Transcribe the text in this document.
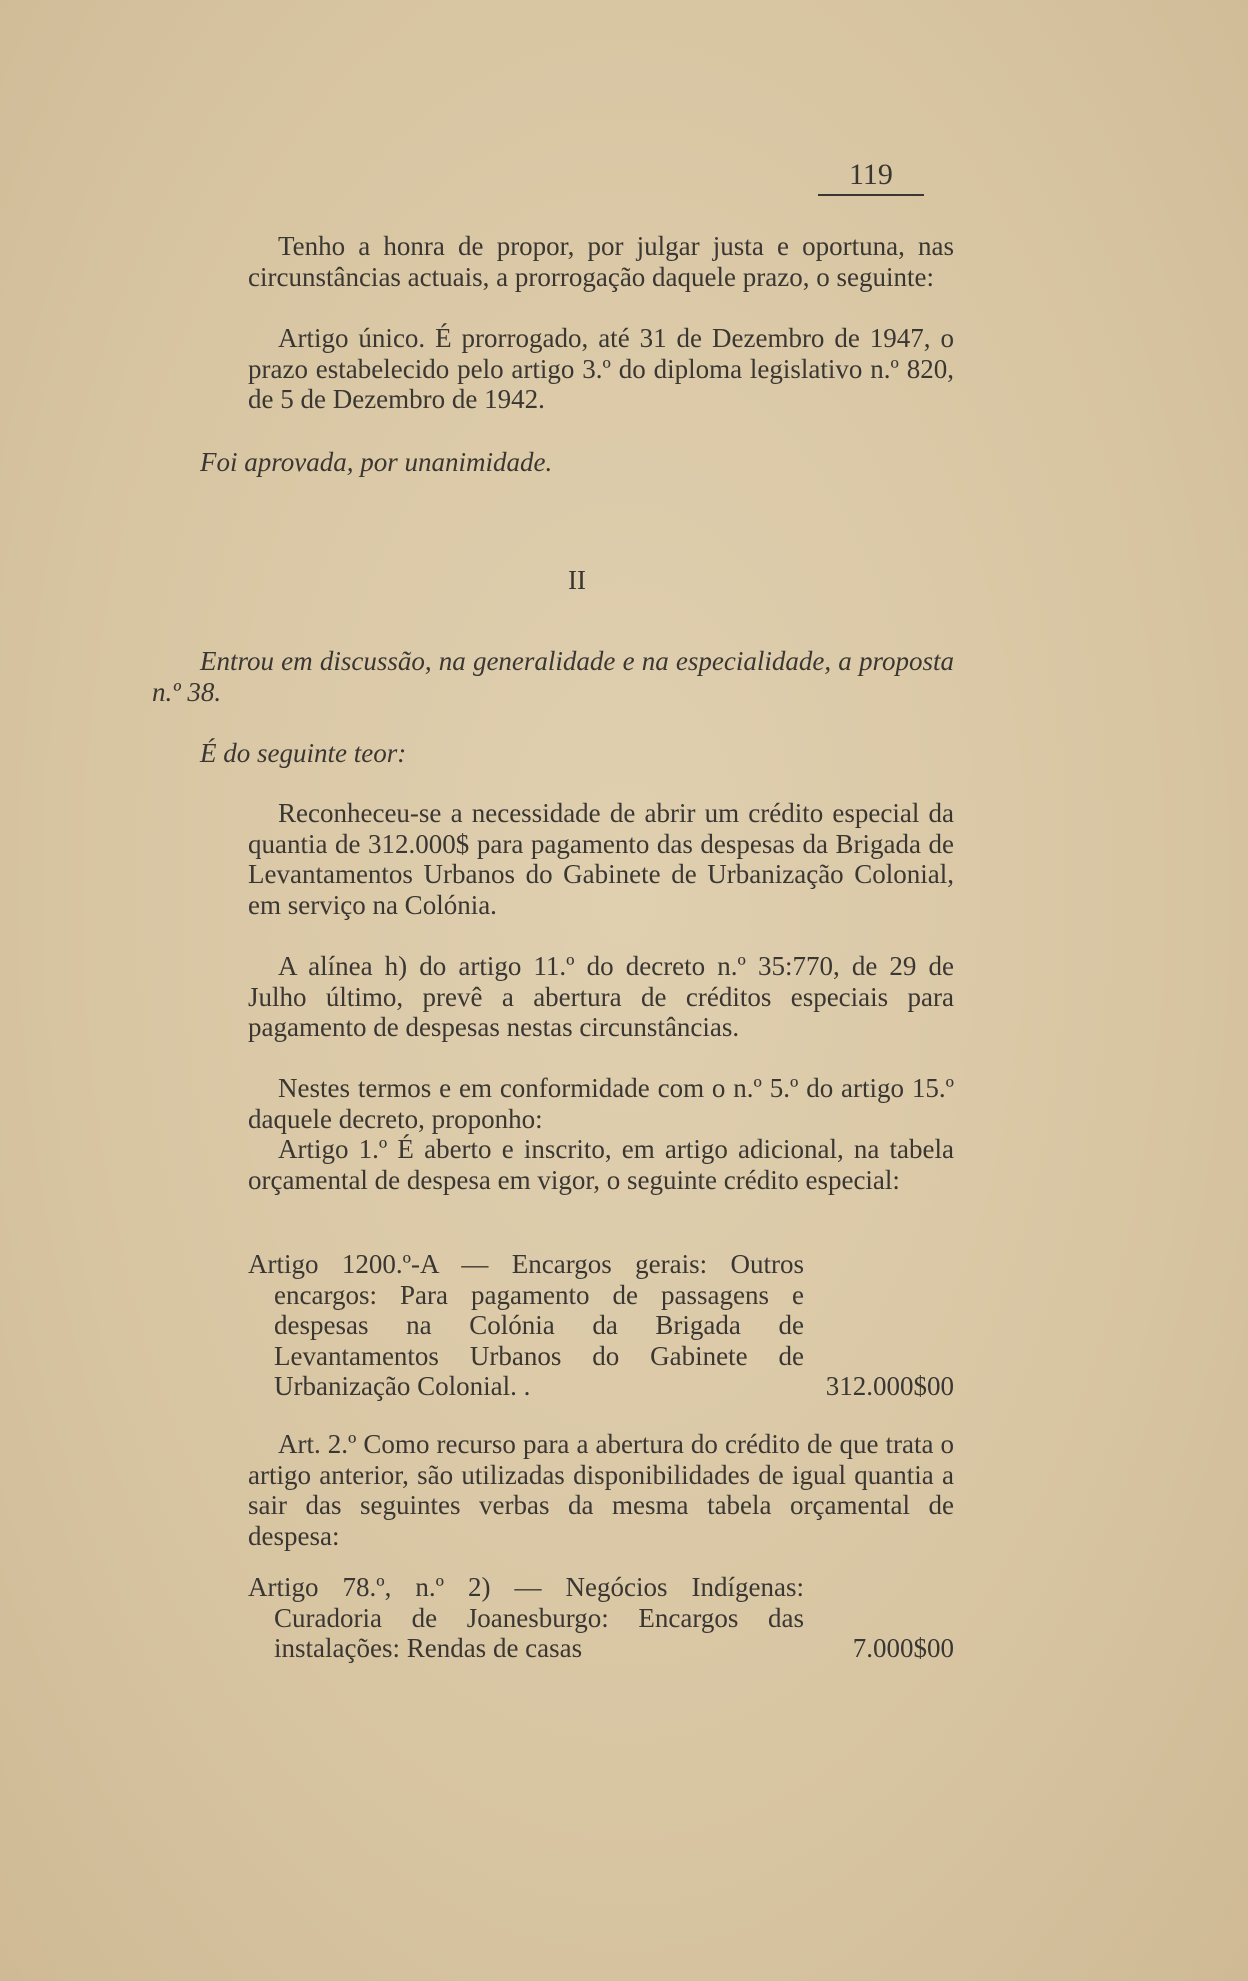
119

Tenho a honra de propor, por julgar justa e oportuna, nas circunstâncias actuais, a prorrogação daquele prazo, o seguinte:

Artigo único. É prorrogado, até 31 de Dezembro de 1947, o prazo estabelecido pelo artigo 3.º do diploma legislativo n.º 820, de 5 de Dezembro de 1942.

Foi aprovada, por unanimidade.

II

Entrou em discussão, na generalidade e na especialidade, a proposta n.º 38.

É do seguinte teor:

Reconheceu-se a necessidade de abrir um crédito especial da quantia de 312.000$ para pagamento das despesas da Brigada de Levantamentos Urbanos do Gabinete de Urbanização Colonial, em serviço na Colónia.

A alínea h) do artigo 11.º do decreto n.º 35:770, de 29 de Julho último, prevê a abertura de créditos especiais para pagamento de despesas nestas circunstâncias.

Nestes termos e em conformidade com o n.º 5.º do artigo 15.º daquele decreto, proponho:

Artigo 1.º É aberto e inscrito, em artigo adicional, na tabela orçamental de despesa em vigor, o seguinte crédito especial:

Artigo 1200.º-A — Encargos gerais: Outros encargos: Para pagamento de passagens e despesas na Colónia da Brigada de Levantamentos Urbanos do Gabinete de Urbanização Colonial. .	312.000$00

Art. 2.º Como recurso para a abertura do crédito de que trata o artigo anterior, são utilizadas disponibilidades de igual quantia a sair das seguintes verbas da mesma tabela orçamental de despesa:

Artigo 78.º, n.º 2) — Negócios Indígenas: Curadoria de Joanesburgo: Encargos das instalações: Rendas de casas	7.000$00
